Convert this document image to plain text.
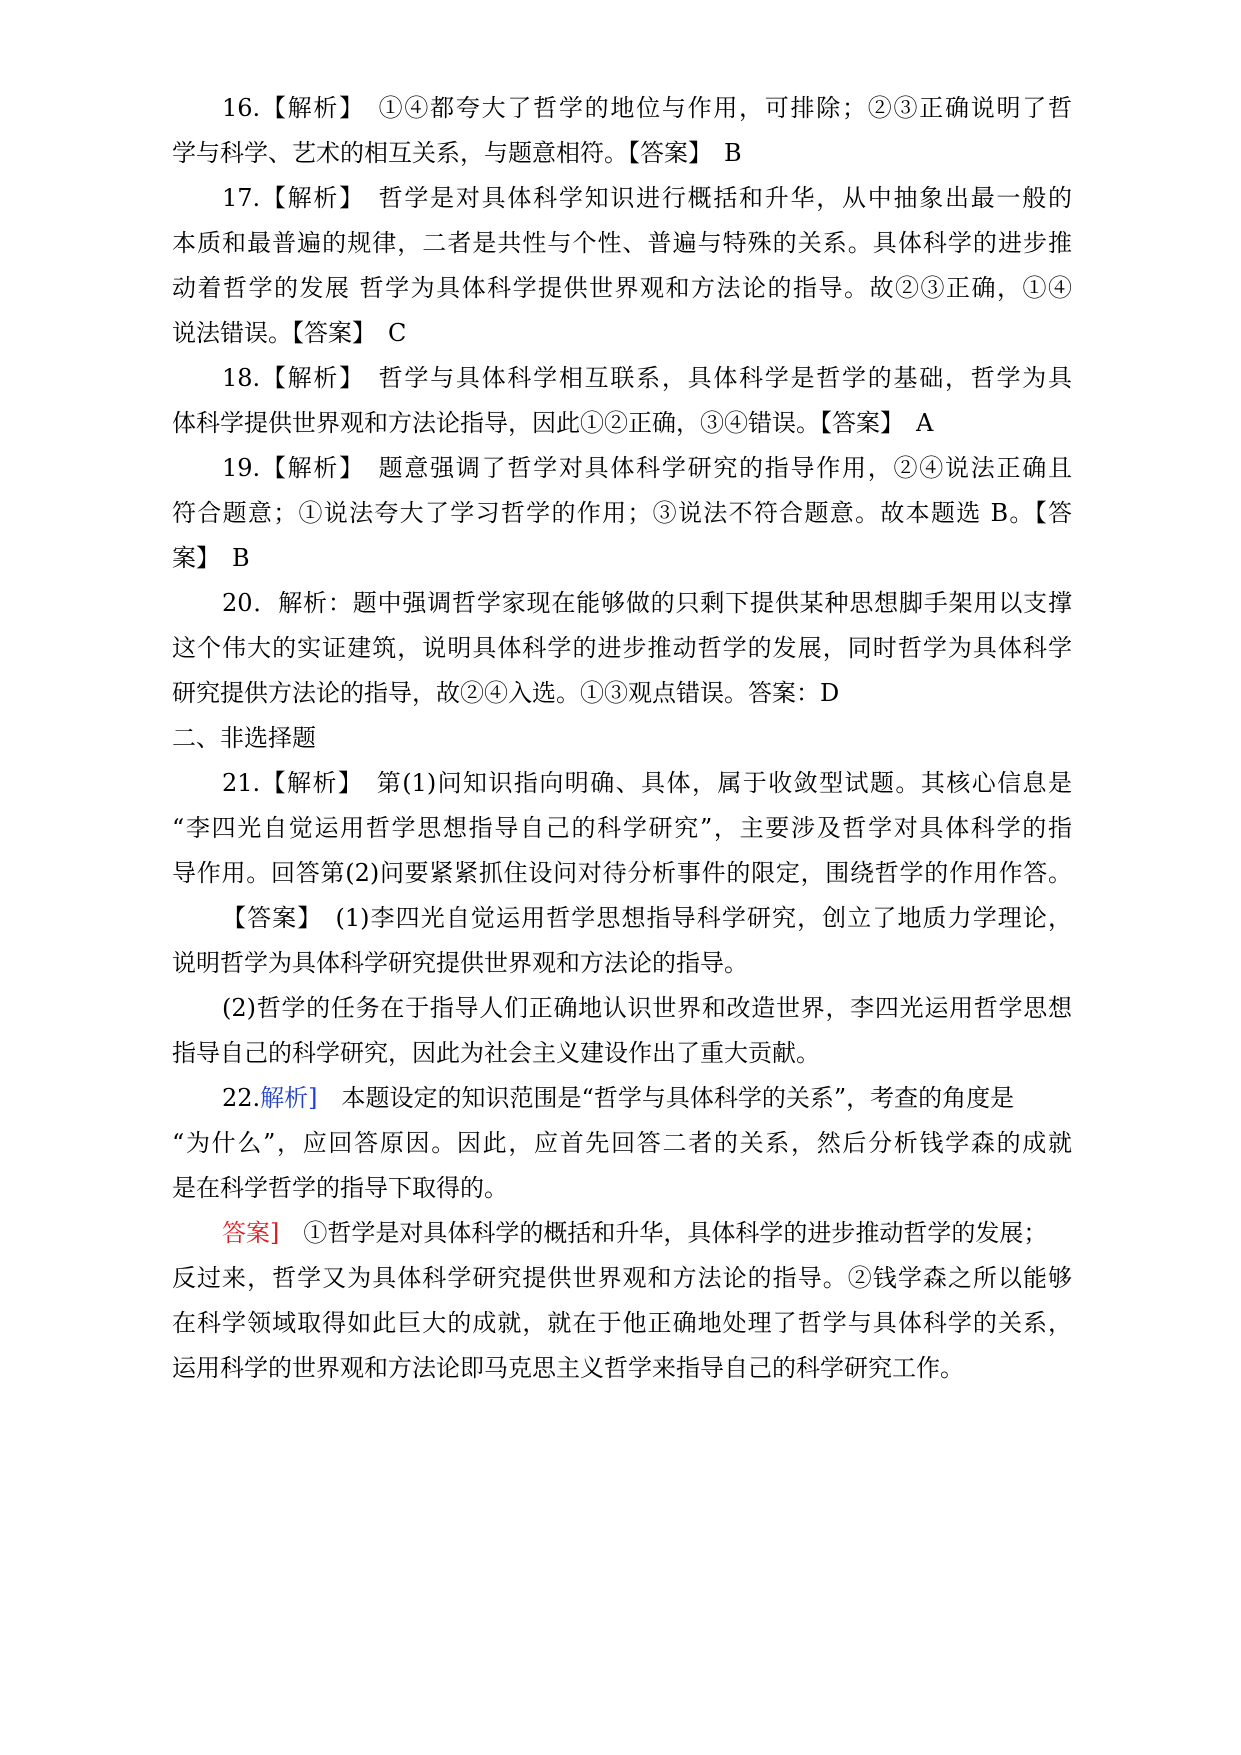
16.【解析】　①④都夸大了哲学的地位与作用，可排除；②③正确说明了哲
学与科学、艺术的相互关系，与题意相符。【答案】　B
17.【解析】　哲学是对具体科学知识进行概括和升华，从中抽象出最一般的
本质和最普遍的规律，二者是共性与个性、普遍与特殊的关系。具体科学的进步推
动着哲学的发展 哲学为具体科学提供世界观和方法论的指导。故②③正确，①④
说法错误。【答案】　C
18.【解析】　哲学与具体科学相互联系，具体科学是哲学的基础，哲学为具
体科学提供世界观和方法论指导，因此①②正确，③④错误。【答案】　A
19.【解析】　题意强调了哲学对具体科学研究的指导作用，②④说法正确且
符合题意；①说法夸大了学习哲学的作用；③说法不符合题意。故本题选 B。【答
案】　B
20．解析：题中强调哲学家现在能够做的只剩下提供某种思想脚手架用以支撑
这个伟大的实证建筑，说明具体科学的进步推动哲学的发展，同时哲学为具体科学
研究提供方法论的指导，故②④入选。①③观点错误。答案：D
二、非选择题
21.【解析】　第(1)问知识指向明确、具体，属于收敛型试题。其核心信息是
“李四光自觉运用哲学思想指导自己的科学研究”，主要涉及哲学对具体科学的指
导作用。回答第(2)问要紧紧抓住设问对待分析事件的限定，围绕哲学的作用作答。
【答案】　(1)李四光自觉运用哲学思想指导科学研究，创立了地质力学理论，
说明哲学为具体科学研究提供世界观和方法论的指导。
(2)哲学的任务在于指导人们正确地认识世界和改造世界，李四光运用哲学思想
指导自己的科学研究，因此为社会主义建设作出了重大贡献。
22.解析]　 本题设定的知识范围是“哲学与具体科学的关系”，考查的角度是
“为什么”，应回答原因。因此，应首先回答二者的关系，然后分析钱学森的成就
是在科学哲学的指导下取得的。
答案]　 ①哲学是对具体科学的概括和升华，具体科学的进步推动哲学的发展；
反过来，哲学又为具体科学研究提供世界观和方法论的指导。②钱学森之所以能够
在科学领域取得如此巨大的成就，就在于他正确地处理了哲学与具体科学的关系，
运用科学的世界观和方法论即马克思主义哲学来指导自己的科学研究工作。
